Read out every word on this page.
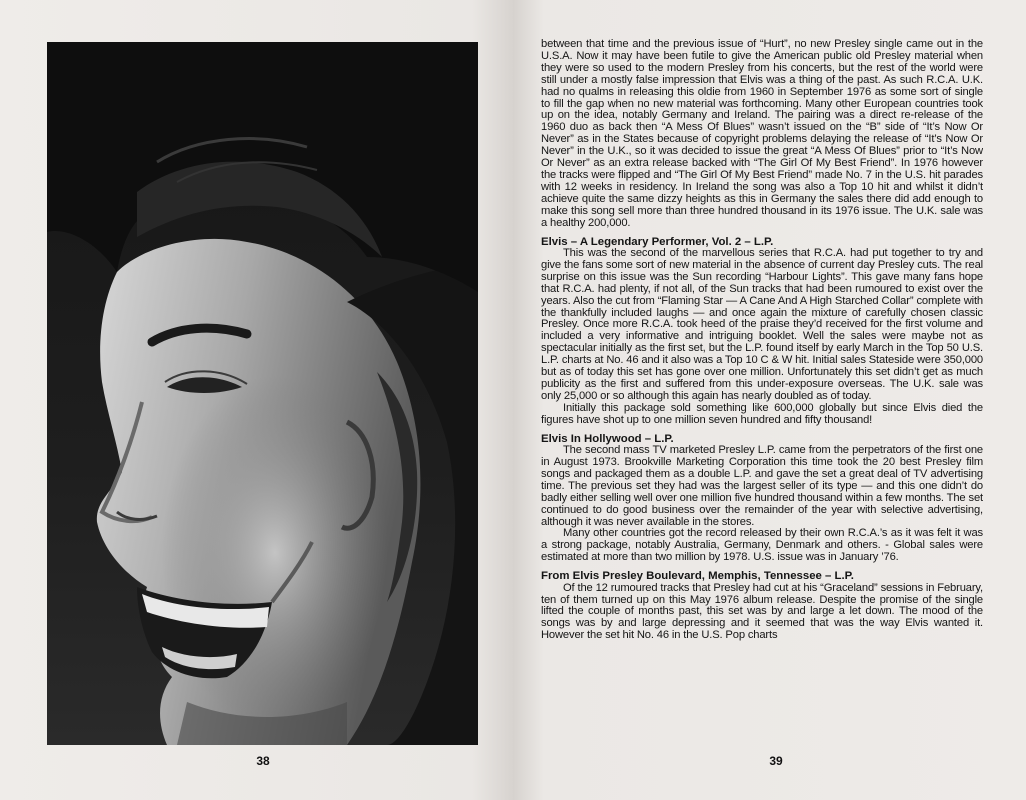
38

between that time and the previous issue of “Hurt”, no new Presley single came out in the U.S.A. Now it may have been futile to give the American public old Presley material when they were so used to the modern Presley from his concerts, but the rest of the world were still under a mostly false impression that Elvis was a thing of the past. As such R.C.A. U.K. had no qualms in releasing this oldie from 1960 in September 1976 as some sort of single to fill the gap when no new material was forthcoming. Many other European countries took up on the idea, notably Germany and Ireland. The pairing was a direct re-release of the 1960 duo as back then “A Mess Of Blues” wasn’t issued on the “B” side of “It’s Now Or Never” as in the States because of copyright problems delaying the release of “It’s Now Or Never” in the U.K., so it was decided to issue the great “A Mess Of Blues” prior to “It’s Now Or Never” as an extra release backed with “The Girl Of My Best Friend”. In 1976 however the tracks were flipped and “The Girl Of My Best Friend” made No. 7 in the U.S. hit parades with 12 weeks in residency. In Ireland the song was also a Top 10 hit and whilst it didn’t achieve quite the same dizzy heights as this in Germany the sales there did add enough to make this song sell more than three hundred thousand in its 1976 issue. The U.K. sale was a healthy 200,000.

Elvis – A Legendary Performer, Vol. 2 – L.P.

This was the second of the marvellous series that R.C.A. had put together to try and give the fans some sort of new material in the absence of current day Presley cuts. The real surprise on this issue was the Sun recording “Harbour Lights”. This gave many fans hope that R.C.A. had plenty, if not all, of the Sun tracks that had been rumoured to exist over the years. Also the cut from “Flaming Star — A Cane And A High Starched Collar” complete with the thankfully included laughs — and once again the mixture of carefully chosen classic Presley. Once more R.C.A. took heed of the praise they’d received for the first volume and included a very informative and intriguing booklet. Well the sales were maybe not as spectacular initially as the first set, but the L.P. found itself by early March in the Top 50 U.S. L.P. charts at No. 46 and it also was a Top 10 C & W hit. Initial sales Stateside were 350,000 but as of today this set has gone over one million. Unfortunately this set didn’t get as much publicity as the first and suffered from this under-exposure overseas. The U.K. sale was only 25,000 or so although this again has nearly doubled as of today.

Initially this package sold something like 600,000 globally but since Elvis died the figures have shot up to one million seven hundred and fifty thousand!

Elvis In Hollywood – L.P.

The second mass TV marketed Presley L.P. came from the perpetrators of the first one in August 1973. Brookville Marketing Corporation this time took the 20 best Presley film songs and packaged them as a double L.P. and gave the set a great deal of TV advertising time. The previous set they had was the largest seller of its type — and this one didn’t do badly either selling well over one million five hundred thousand within a few months. The set continued to do good business over the remainder of the year with selective advertising, although it was never available in the stores.

Many other countries got the record released by their own R.C.A.’s as it was felt it was a strong package, notably Australia, Germany, Denmark and others. - Global sales were estimated at more than two million by 1978. U.S. issue was in January ’76.

From Elvis Presley Boulevard, Memphis, Tennessee – L.P.

Of the 12 rumoured tracks that Presley had cut at his “Graceland” sessions in February, ten of them turned up on this May 1976 album release. Despite the promise of the single lifted the couple of months past, this set was by and large a let down. The mood of the songs was by and large depressing and it seemed that was the way Elvis wanted it. However the set hit No. 46 in the U.S. Pop charts

39
